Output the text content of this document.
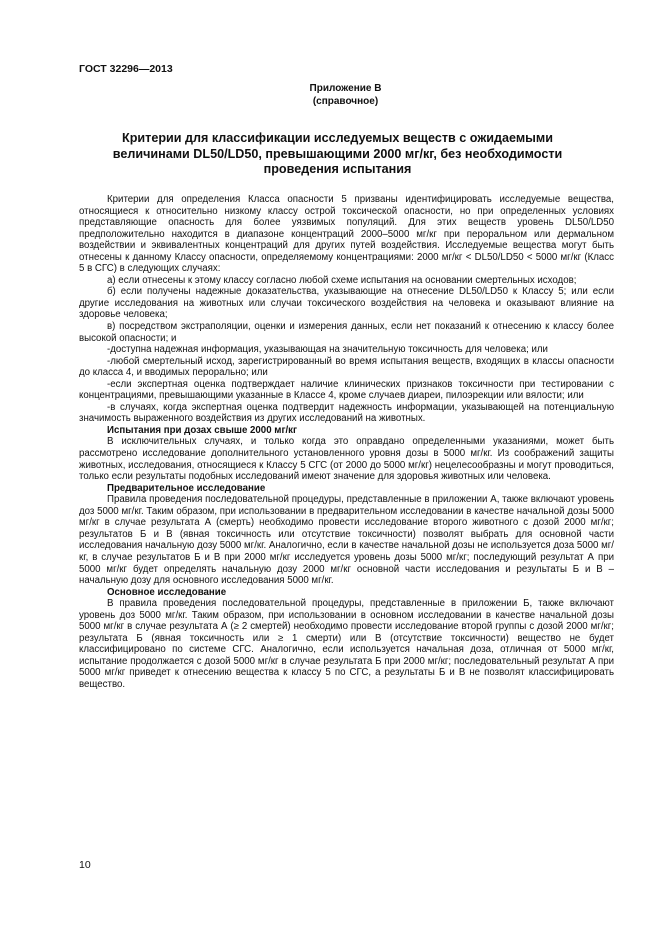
ГОСТ 32296—2013
Приложение В
(справочное)
Критерии для классификации исследуемых веществ с ожидаемыми величинами DL50/LD50, превышающими 2000 мг/кг, без необходимости проведения испытания

Критерии для определения Класса опасности 5 призваны идентифицировать исследуемые вещества, относящиеся к относительно низкому классу острой токсической опасности, но при определенных условиях представляющие опасность для более уязвимых популяций. Для этих веществ уровень DL50/LD50 предположительно находится в диапазоне концентраций 2000–5000 мг/кг при пероральном или дермальном воздействии и эквивалентных концентраций для других путей воздействия. Исследуемые вещества могут быть отнесены к данному Классу опасности, определяемому концентрациями: 2000 мг/кг < DL50/LD50 < 5000 мг/кг (Класс 5 в СГС) в следующих случаях:

а) если отнесены к этому классу согласно любой схеме испытания на основании смертельных исходов;

б) если получены надежные доказательства, указывающие на отнесение DL50/LD50 к Классу 5; или если другие исследования на животных или случаи токсического воздействия на человека и оказывают влияние на здоровье человека;

в) посредством экстраполяции, оценки и измерения данных, если нет показаний к отнесению к классу более высокой опасности; и

-доступна надежная информация, указывающая на значительную токсичность для человека; или

-любой смертельный исход, зарегистрированный во время испытания веществ, входящих в классы опасности до класса 4, и вводимых перорально; или

-если экспертная оценка подтверждает наличие клинических признаков токсичности при тестировании с концентрациями, превышающими указанные в Классе 4, кроме случаев диареи, пилоэрекции или вялости; или

-в случаях, когда экспертная оценка подтвердит надежность информации, указывающей на потенциальную значимость выраженного воздействия из других исследований на животных.

Испытания при дозах свыше 2000 мг/кг

В исключительных случаях, и только когда это оправдано определенными указаниями, может быть рассмотрено исследование дополнительного установленного уровня дозы в 5000 мг/кг. Из соображений защиты животных, исследования, относящиеся к Классу 5 СГС (от 2000 до 5000 мг/кг) нецелесообразны и могут проводиться, только если результаты подобных исследований имеют значение для здоровья животных или человека.

Предварительное исследование

Правила проведения последовательной процедуры, представленные в приложении А, также включают уровень доз 5000 мг/кг. Таким образом, при использовании в предварительном исследовании в качестве начальной дозы 5000 мг/кг в случае результата А (смерть) необходимо провести исследование второго животного с дозой 2000 мг/кг; результатов Б и В (явная токсичность или отсутствие токсичности) позволят выбрать для основной части исследования начальную дозу 5000 мг/кг. Аналогично, если в качестве начальной дозы не используется доза 5000 мг/кг, в случае результатов Б и В при 2000 мг/кг исследуется уровень дозы 5000 мг/кг; последующий результат А при 5000 мг/кг будет определять начальную дозу 2000 мг/кг основной части исследования и результаты Б и В – начальную дозу для основного исследования 5000 мг/кг.

Основное исследование

В правила проведения последовательной процедуры, представленные в приложении Б, также включают уровень доз 5000 мг/кг. Таким образом, при использовании в основном исследовании в качестве начальной дозы 5000 мг/кг в случае результата А (≥ 2 смертей) необходимо провести исследование второй группы с дозой 2000 мг/кг; результата Б (явная токсичность или ≥ 1 смерти) или В (отсутствие токсичности) вещество не будет классифицировано по системе СГС. Аналогично, если используется начальная доза, отличная от 5000 мг/кг, испытание продолжается с дозой 5000 мг/кг в случае результата Б при 2000 мг/кг; последовательный результат А при 5000 мг/кг приведет к отнесению вещества к классу 5 по СГС, а результаты Б и В не позволят классифицировать вещество.

10
